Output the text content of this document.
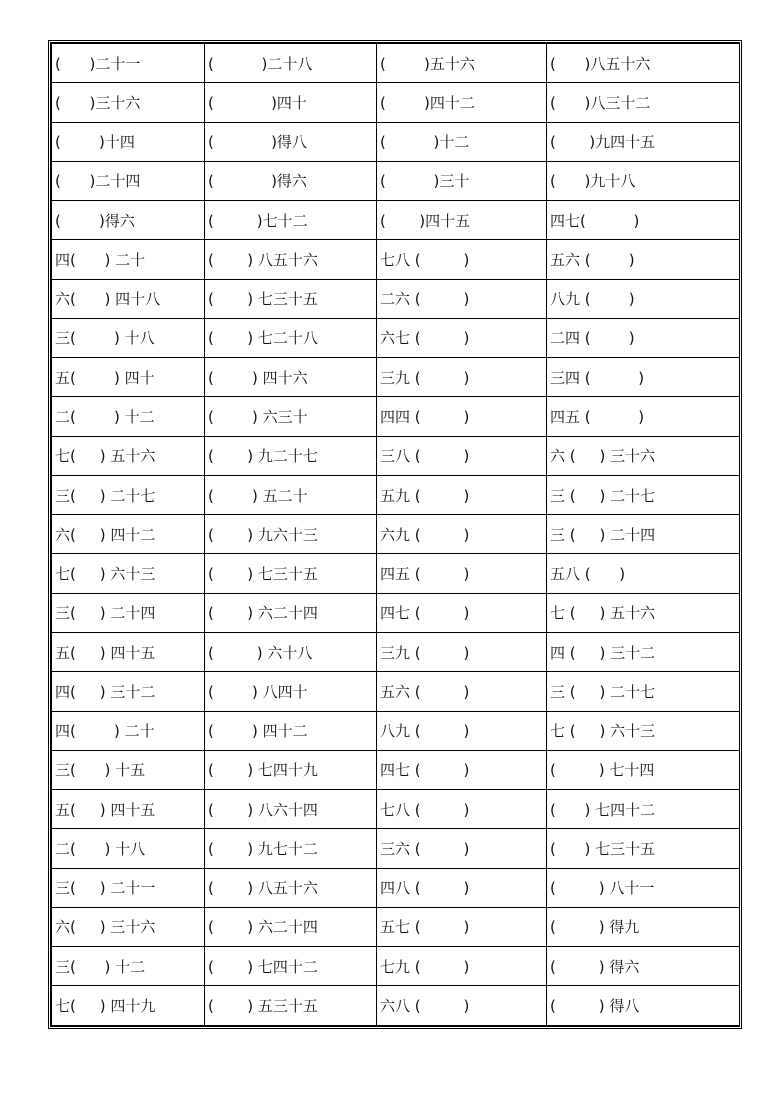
(      )二十一	(          )二十八	(        )五十六	(      )八五十六
(      )三十六	(            )四十	(        )四十二	(      )八三十二
(        )十四	(            )得八	(          )十二	(       )九四十五
(      )二十四	(            )得六	(          )三十	(      )九十八
(        )得六	(         )七十二	(       )四十五	四七(          )
四(      ) 二十	(       ) 八五十六	七八 (         )	五六 (        )
六(      ) 四十八	(       ) 七三十五	二六 (         )	八九 (        )
三(        ) 十八	(       ) 七二十八	六七 (         )	二四 (        )
五(        ) 四十	(        ) 四十六	三九 (         )	三四 (          )
二(        ) 十二	(        ) 六三十	四四 (         )	四五 (          )
七(     ) 五十六	(       ) 九二十七	三八 (         )	六 (     ) 三十六
三(     ) 二十七	(        ) 五二十	五九 (         )	三 (     ) 二十七
六(     ) 四十二	(       ) 九六十三	六九 (         )	三 (     ) 二十四
七(     ) 六十三	(       ) 七三十五	四五 (         )	五八 (      )
三(     ) 二十四	(       ) 六二十四	四七 (         )	七 (     ) 五十六
五(     ) 四十五	(         ) 六十八	三九 (         )	四 (     ) 三十二
四(     ) 三十二	(        ) 八四十	五六 (         )	三 (     ) 二十七
四(        ) 二十	(        ) 四十二	八九 (         )	七 (     ) 六十三
三(      ) 十五	(       ) 七四十九	四七 (         )	(         ) 七十四
五(     ) 四十五	(       ) 八六十四	七八 (         )	(      ) 七四十二
二(      ) 十八	(       ) 九七十二	三六 (         )	(      ) 七三十五
三(     ) 二十一	(       ) 八五十六	四八 (         )	(         ) 八十一
六(     ) 三十六	(       ) 六二十四	五七 (         )	(         ) 得九
三(      ) 十二	(       ) 七四十二	七九 (         )	(         ) 得六
七(     ) 四十九	(       ) 五三十五	六八 (         )	(         ) 得八
